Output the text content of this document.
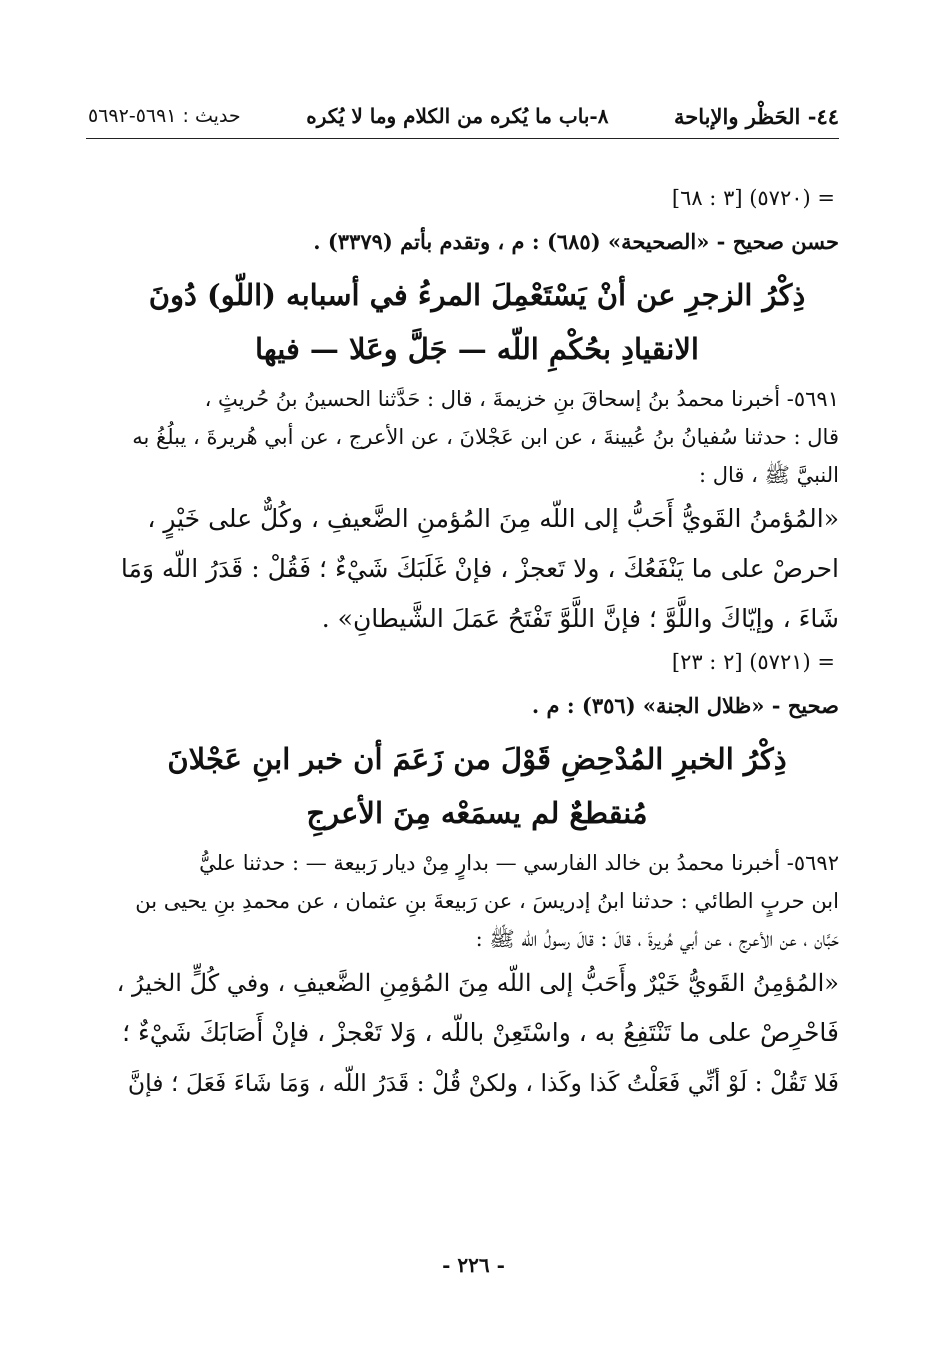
٤٤- الحَظْر والإباحة
٨-باب ما يُكره من الكلام وما لا يُكره
حديث : ٥٦٩١-٥٦٩٢
= (٥٧٢٠) [٣ : ٦٨]
حسن صحيح - «الصحيحة» (٦٨٥) : م ، وتقدم بأتم (٣٣٧٩) .
ذِكْرُ الزجرِ عن أنْ يَسْتَعْمِلَ المرءُ في أسبابه (اللّو) دُونَ
الانقيادِ بحُكْمِ اللّه — جَلَّ وعَلا — فيها
٥٦٩١- أخبرنا محمدُ بنُ إسحاقَ بنِ خزيمةَ ، قال : حَدَّثنا الحسينُ بنُ حُريثٍ ،
قال : حدثنا سُفيانُ بنُ عُيينةَ ، عن ابن عَجْلانَ ، عن الأعرج ، عن أبي هُريرةَ ، يبلُغُ به
النبيَّ ﷺ ، قال :
«المُؤمنُ القَويُّ أَحَبُّ إلى اللّه مِنَ المُؤمنِ الضَّعيفِ ، وكُلٌّ على خَيْرٍ ،
احرصْ على ما يَنْفَعُكَ ، ولا تَعجزْ ، فإنْ غَلَبَكَ شَيْءٌ ؛ فَقُلْ : قَدَرُ اللّه وَمَا
شَاءَ ، وإيّاكَ واللَّوَّ ؛ فإنَّ اللَّوَّ تَفْتَحُ عَمَلَ الشَّيطانِ» .
= (٥٧٢١) [٢ : ٢٣]
صحيح - «ظلال الجنة» (٣٥٦) : م .
ذِكْرُ الخبرِ المُدْحِضِ قَوْلَ من زَعَمَ أن خبر ابنِ عَجْلانَ
مُنقطعٌ لم يسمَعْه مِنَ الأعرجِ
٥٦٩٢- أخبرنا محمدُ بن خالد الفارسي — بدارٍ مِنْ ديار رَبيعة — : حدثنا عليُّ
ابن حربٍ الطائي : حدثنا ابنُ إدريسَ ، عن رَبيعةَ بنِ عثمان ، عن محمدِ بنِ يحيى بن
حَبَّان ، عن الأعرج ، عن أبي هُريرةَ ، قالَ : قالَ رسولُ اللّه ﷺ :
«المُؤمِنُ القَويُّ خَيْرٌ وأَحَبُّ إلى اللّه مِنَ المُؤمِنِ الضَّعيفِ ، وفي كُلٍّ الخيرُ ،
فَاحْرِصْ على ما تَنْتَفِعُ به ، واسْتَعِنْ باللّه ، وَلا تَعْجزْ ، فإنْ أَصَابَكَ شَيْءٌ ؛
فَلا تَقُلْ : لَوْ أنِّي فَعَلْتُ كَذا وكَذا ، ولكنْ قُلْ : قَدَرُ اللّه ، وَمَا شَاءَ فَعَلَ ؛ فإنَّ
- ٢٢٦ -
